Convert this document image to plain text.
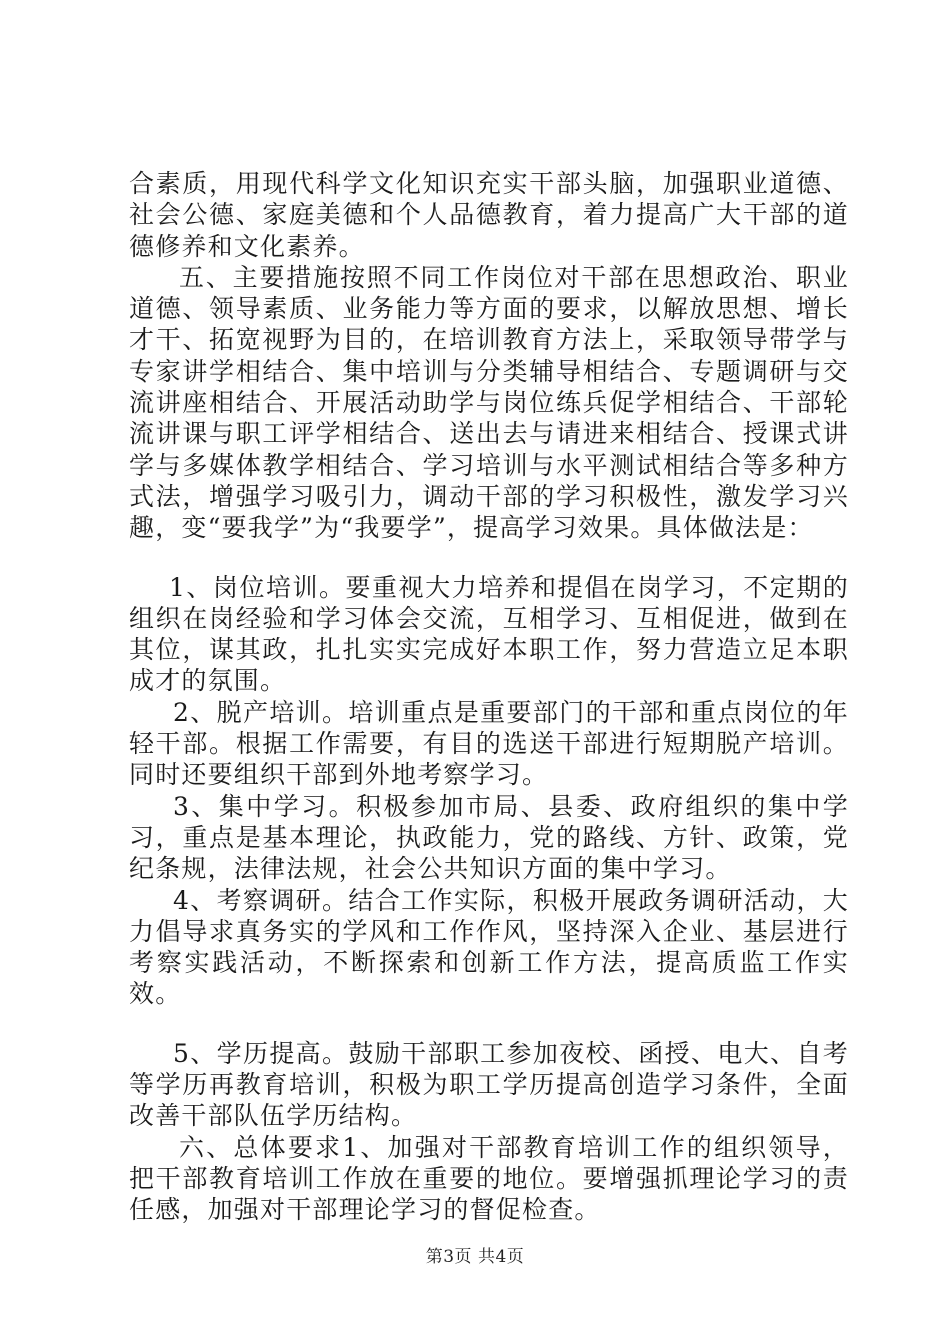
合素质，用现代科学文化知识充实干部头脑，加强职业道德、社会公德、家庭美德和个人品德教育，着力提高广大干部的道德修养和文化素养。

五、主要措施按照不同工作岗位对干部在思想政治、职业道德、领导素质、业务能力等方面的要求，以解放思想、增长才干、拓宽视野为目的，在培训教育方法上，采取领导带学与专家讲学相结合、集中培训与分类辅导相结合、专题调研与交流讲座相结合、开展活动助学与岗位练兵促学相结合、干部轮流讲课与职工评学相结合、送出去与请进来相结合、授课式讲学与多媒体教学相结合、学习培训与水平测试相结合等多种方式法，增强学习吸引力，调动干部的学习积极性，激发学习兴趣，变“要我学”为“我要学”，提高学习效果。具体做法是：

1、岗位培训。要重视大力培养和提倡在岗学习，不定期的组织在岗经验和学习体会交流，互相学习、互相促进，做到在其位，谋其政，扎扎实实完成好本职工作，努力营造立足本职成才的氛围。

2、脱产培训。培训重点是重要部门的干部和重点岗位的年轻干部。根据工作需要，有目的选送干部进行短期脱产培训。同时还要组织干部到外地考察学习。

3、集中学习。积极参加市局、县委、政府组织的集中学习，重点是基本理论，执政能力，党的路线、方针、政策，党纪条规，法律法规，社会公共知识方面的集中学习。

4、考察调研。结合工作实际，积极开展政务调研活动，大力倡导求真务实的学风和工作作风，坚持深入企业、基层进行考察实践活动，不断探索和创新工作方法，提高质监工作实效。

5、学历提高。鼓励干部职工参加夜校、函授、电大、自考等学历再教育培训，积极为职工学历提高创造学习条件，全面改善干部队伍学历结构。

六、总体要求1、加强对干部教育培训工作的组织领导，把干部教育培训工作放在重要的地位。要增强抓理论学习的责任感，加强对干部理论学习的督促检查。

第3页 共4页
